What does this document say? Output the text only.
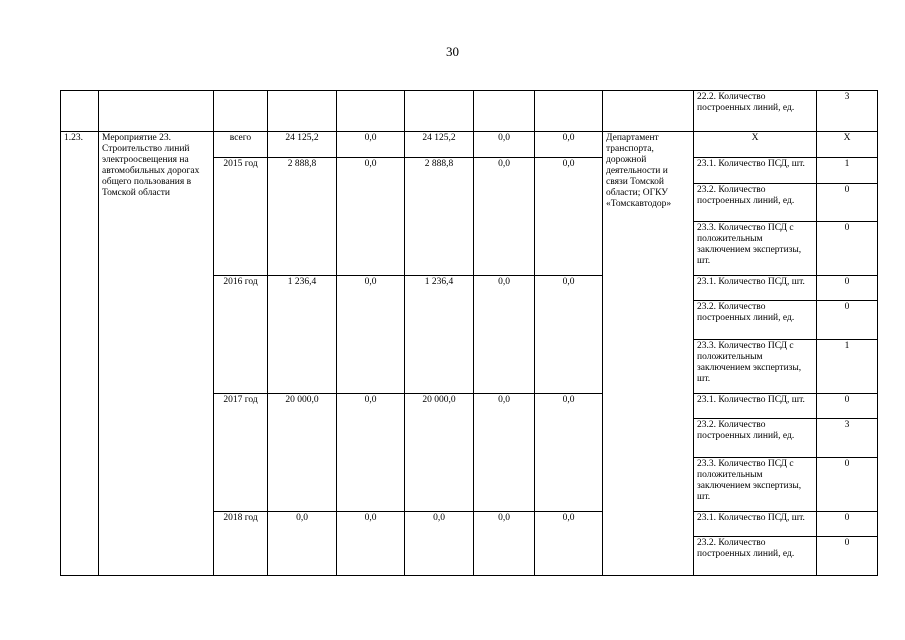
30
									22.2. Количество построенных линий, ед.	3
1.23.	Мероприятие 23. Строительство линий электроосвещения на автомобильных дорогах общего пользования в Томской области	всего	24 125,2	0,0	24 125,2	0,0	0,0	Департамент транспорта, дорожной деятельности и связи Томской области; ОГКУ «Томскавтодор»	Х	Х
		2015 год	2 888,8	0,0	2 888,8	0,0	0,0		23.1. Количество ПСД, шт.	1
									23.2. Количество построенных линий, ед.	0
									23.3. Количество ПСД с положительным заключением экспертизы, шт.	0
		2016 год	1 236,4	0,0	1 236,4	0,0	0,0		23.1. Количество ПСД, шт.	0
									23.2. Количество построенных линий, ед.	0
									23.3. Количество ПСД с положительным заключением экспертизы, шт.	1
		2017 год	20 000,0	0,0	20 000,0	0,0	0,0		23.1. Количество ПСД, шт.	0
									23.2. Количество построенных линий, ед.	3
									23.3. Количество ПСД с положительным заключением экспертизы, шт.	0
		2018 год	0,0	0,0	0,0	0,0	0,0		23.1. Количество ПСД, шт.	0
									23.2. Количество построенных линий, ед.	0
